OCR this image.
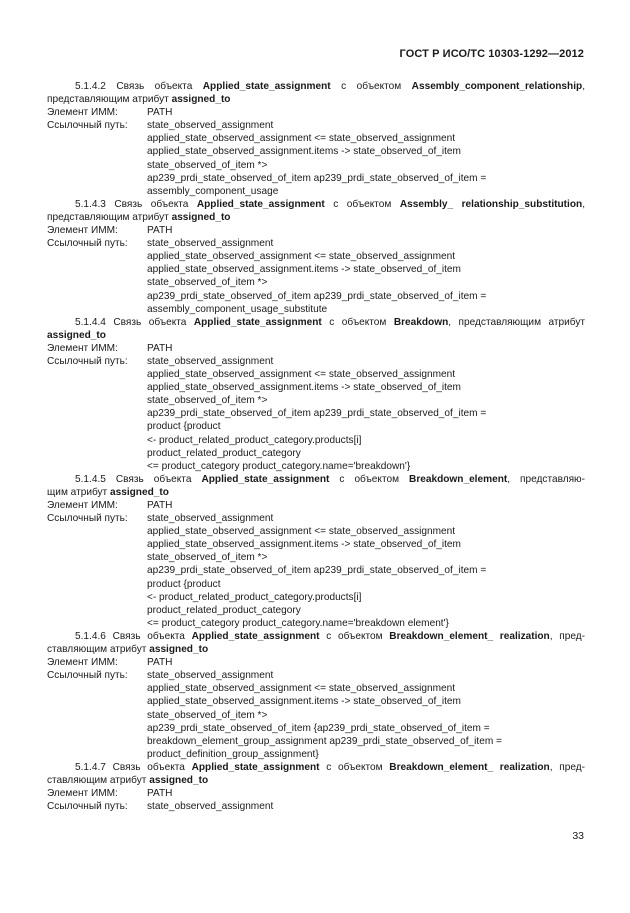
ГОСТ Р ИСО/ТС 10303-1292—2012
5.1.4.2 Связь объекта Applied_state_assignment с объектом Assembly_component_relationship,
представляющим атрибут assigned_to
Элемент ИММ:	PATH
Ссылочный путь:	state_observed_assignment
applied_state_observed_assignment <= state_observed_assignment
applied_state_observed_assignment.items -> state_observed_of_item
state_observed_of_item *>
ap239_prdi_state_observed_of_item ap239_prdi_state_observed_of_item =
assembly_component_usage
5.1.4.3 Связь объекта Applied_state_assignment с объектом Assembly_ relationship_substitution,
представляющим атрибут assigned_to
Элемент ИММ:	PATH
Ссылочный путь:	state_observed_assignment
applied_state_observed_assignment <= state_observed_assignment
applied_state_observed_assignment.items -> state_observed_of_item
state_observed_of_item *>
ap239_prdi_state_observed_of_item ap239_prdi_state_observed_of_item =
assembly_component_usage_substitute
5.1.4.4 Связь объекта Applied_state_assignment с объектом Breakdown, представляющим атрибут
assigned_to
Элемент ИММ:	PATH
Ссылочный путь:	state_observed_assignment
applied_state_observed_assignment <= state_observed_assignment
applied_state_observed_assignment.items -> state_observed_of_item
state_observed_of_item *>
ap239_prdi_state_observed_of_item ap239_prdi_state_observed_of_item =
product {product
<- product_related_product_category.products[i]
product_related_product_category
<= product_category product_category.name='breakdown'}
5.1.4.5 Связь объекта Applied_state_assignment с объектом Breakdown_element, представляю-
щим атрибут assigned_to
Элемент ИММ:	PATH
Ссылочный путь:	state_observed_assignment
applied_state_observed_assignment <= state_observed_assignment
applied_state_observed_assignment.items -> state_observed_of_item
state_observed_of_item *>
ap239_prdi_state_observed_of_item ap239_prdi_state_observed_of_item =
product {product
<- product_related_product_category.products[i]
product_related_product_category
<= product_category product_category.name='breakdown element'}
5.1.4.6 Связь объекта Applied_state_assignment с объектом Breakdown_element_ realization, пред-
ставляющим атрибут assigned_to
Элемент ИММ:	PATH
Ссылочный путь:	state_observed_assignment
applied_state_observed_assignment <= state_observed_assignment
applied_state_observed_assignment.items -> state_observed_of_item
state_observed_of_item *>
ap239_prdi_state_observed_of_item {ap239_prdi_state_observed_of_item =
breakdown_element_group_assignment ap239_prdi_state_observed_of_item =
product_definition_group_assignment}
5.1.4.7 Связь объекта Applied_state_assignment с объектом Breakdown_element_ realization, пред-
ставляющим атрибут assigned_to
Элемент ИММ:	PATH
Ссылочный путь:	state_observed_assignment
33
